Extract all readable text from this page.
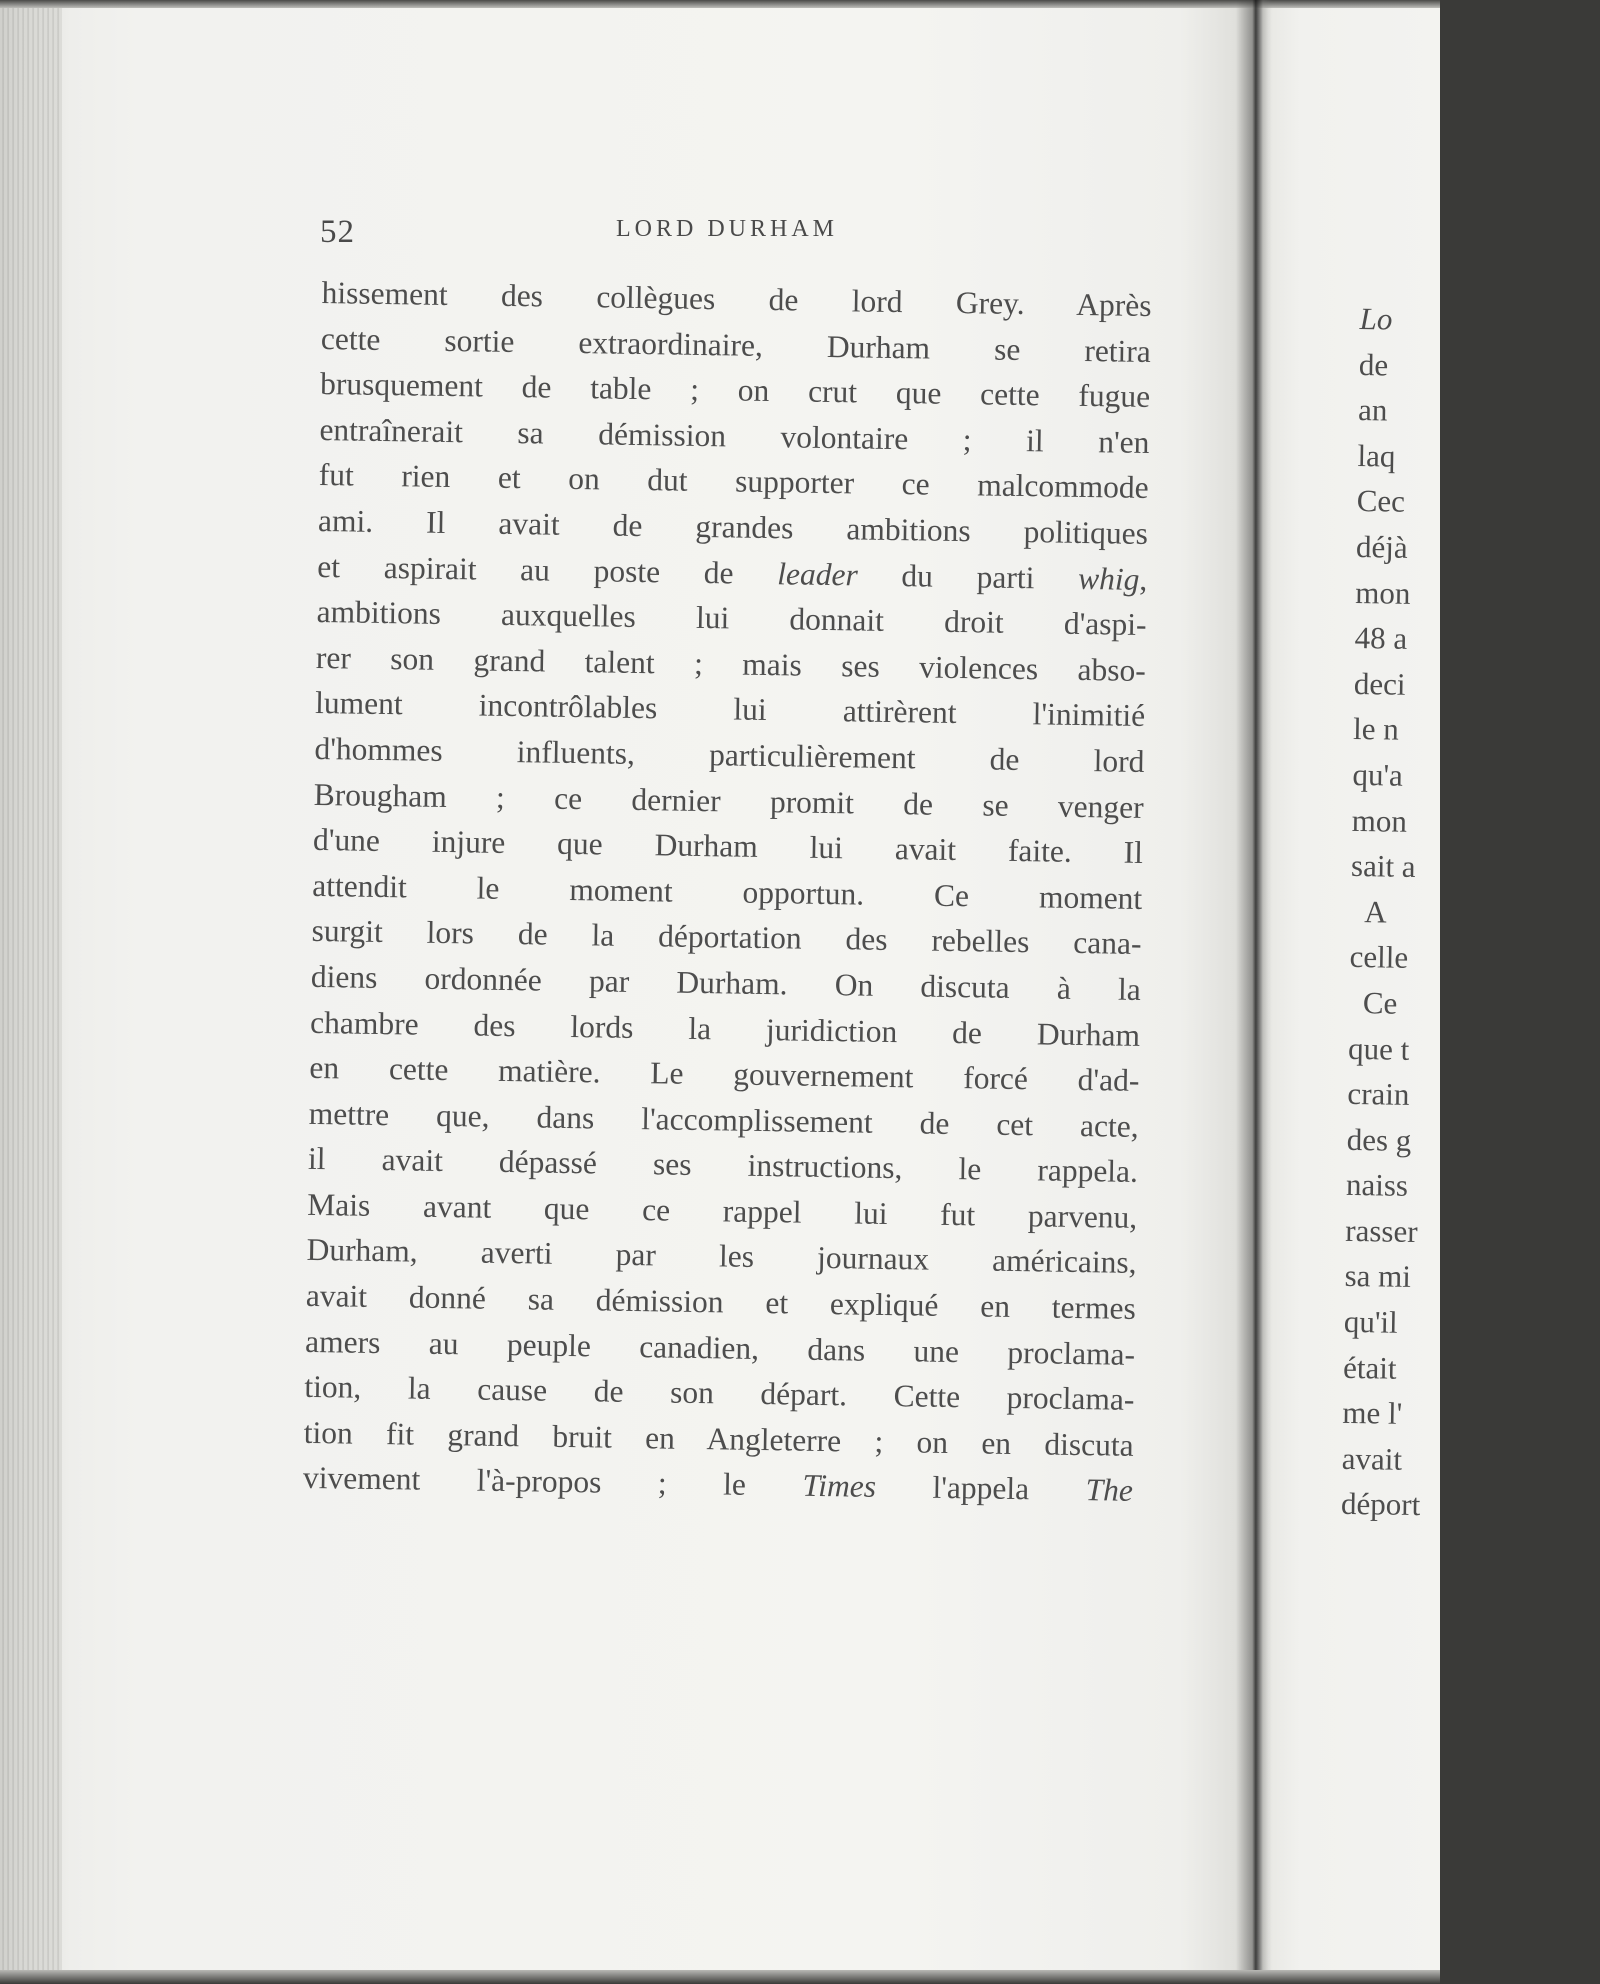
52	LORD DURHAM
hissement des collègues de lord Grey. Après
cette sortie extraordinaire, Durham se retira
brusquement de table ; on crut que cette fugue
entraînerait sa démission volontaire ; il n'en
fut rien et on dut supporter ce malcommode
ami. Il avait de grandes ambitions politiques
et aspirait au poste de leader du parti whig,
ambitions auxquelles lui donnait droit d'aspi-
rer son grand talent ; mais ses violences abso-
lument incontrôlables lui attirèrent l'inimitié
d'hommes influents, particulièrement de lord
Brougham ; ce dernier promit de se venger
d'une injure que Durham lui avait faite. Il
attendit le moment opportun. Ce moment
surgit lors de la déportation des rebelles cana-
diens ordonnée par Durham. On discuta à la
chambre des lords la juridiction de Durham
en cette matière. Le gouvernement forcé d'ad-
mettre que, dans l'accomplissement de cet acte,
il avait dépassé ses instructions, le rappela.
Mais avant que ce rappel lui fut parvenu,
Durham, averti par les journaux américains,
avait donné sa démission et expliqué en termes
amers au peuple canadien, dans une proclama-
tion, la cause de son départ. Cette proclama-
tion fit grand bruit en Angleterre ; on en discuta
vivement l'à-propos ; le Times l'appela The
Lo
de
an
laq
Cec
déjà
mon
48 a
deci
le n
qu'a
mon
sait a
A
celle
Ce
que t
crain
des g
naiss
rasser
sa mi
qu'il
était
me l'
avait
déport
